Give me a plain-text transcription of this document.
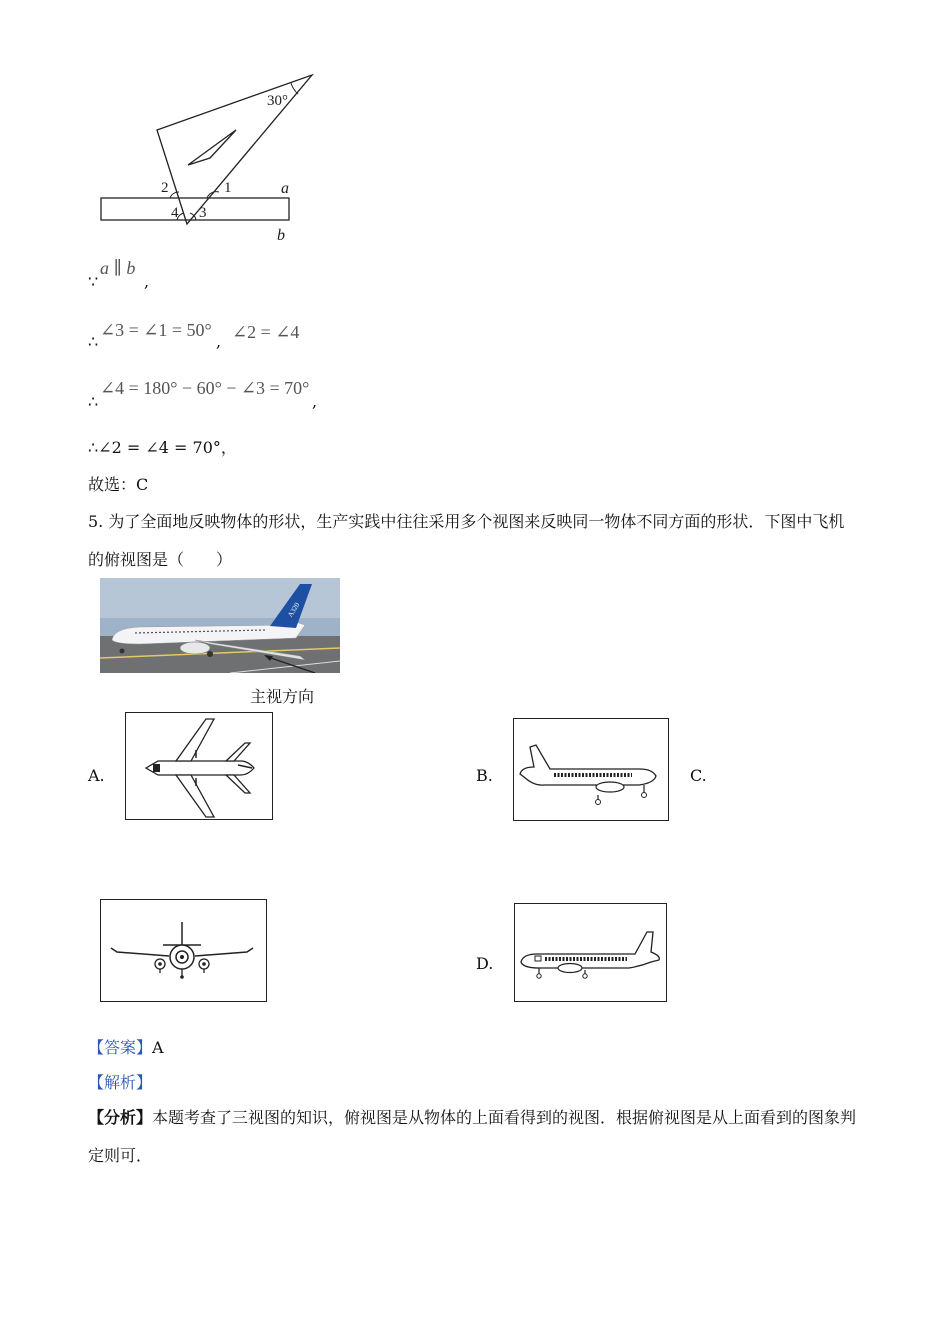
30°
2	1
4 3
a
b
∵
a ∥ b
,
∴
∠3 = ∠1 = 50°
, ∠2 = ∠4
∴
∠4 = 180° − 60° − ∠3 = 70°
,
∴∠2 = ∠4 = 70°，
故选：C
5. 为了全面地反映物体的形状，生产实践中往往采用多个视图来反映同一物体不同方面的形状．下图中飞机的俯视图是（　　）
A320
主视方向
A.	B.	C.
D.
【答案】A
【解析】
【分析】本题考查了三视图的知识，俯视图是从物体的上面看得到的视图．根据俯视图是从上面看到的图象判定则可．
